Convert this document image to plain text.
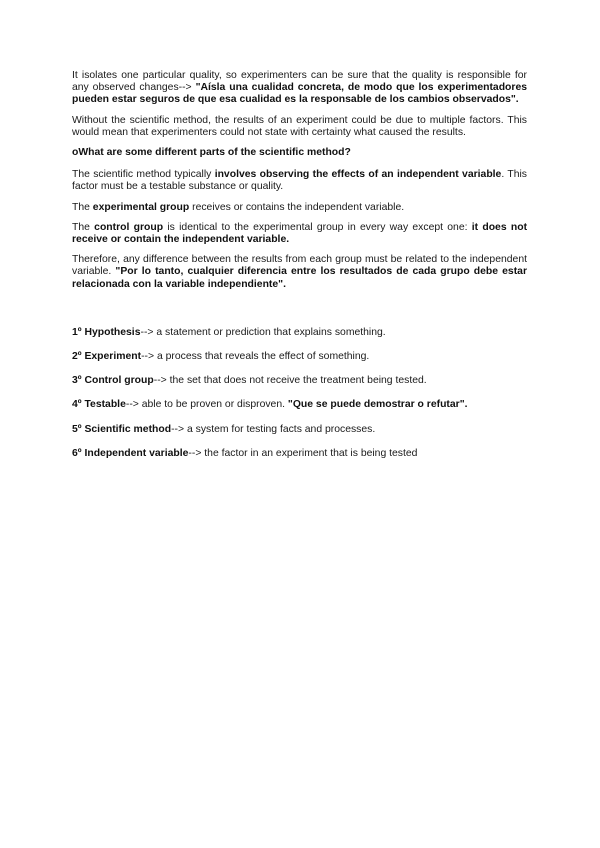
It isolates one particular quality, so experimenters can be sure that the quality is responsible for any observed changes--> "Aísla una cualidad concreta, de modo que los experimentadores pueden estar seguros de que esa cualidad es la responsable de los cambios observados".

Without the scientific method, the results of an experiment could be due to multiple factors. This would mean that experimenters could not state with certainty what caused the results.

oWhat are some different parts of the scientific method?

The scientific method typically involves observing the effects of an independent variable. This factor must be a testable substance or quality.

The experimental group receives or contains the independent variable.

The control group is identical to the experimental group in every way except one: it does not receive or contain the independent variable.

Therefore, any difference between the results from each group must be related to the independent variable. "Por lo tanto, cualquier diferencia entre los resultados de cada grupo debe estar relacionada con la variable independiente".

1º Hypothesis--> a statement or prediction that explains something.

2º Experiment--> a process that reveals the effect of something.

3º Control group--> the set that does not receive the treatment being tested.

4º Testable--> able to be proven or disproven. "Que se puede demostrar o refutar".

5º Scientific method--> a system for testing facts and processes.

6º Independent variable--> the factor in an experiment that is being tested
